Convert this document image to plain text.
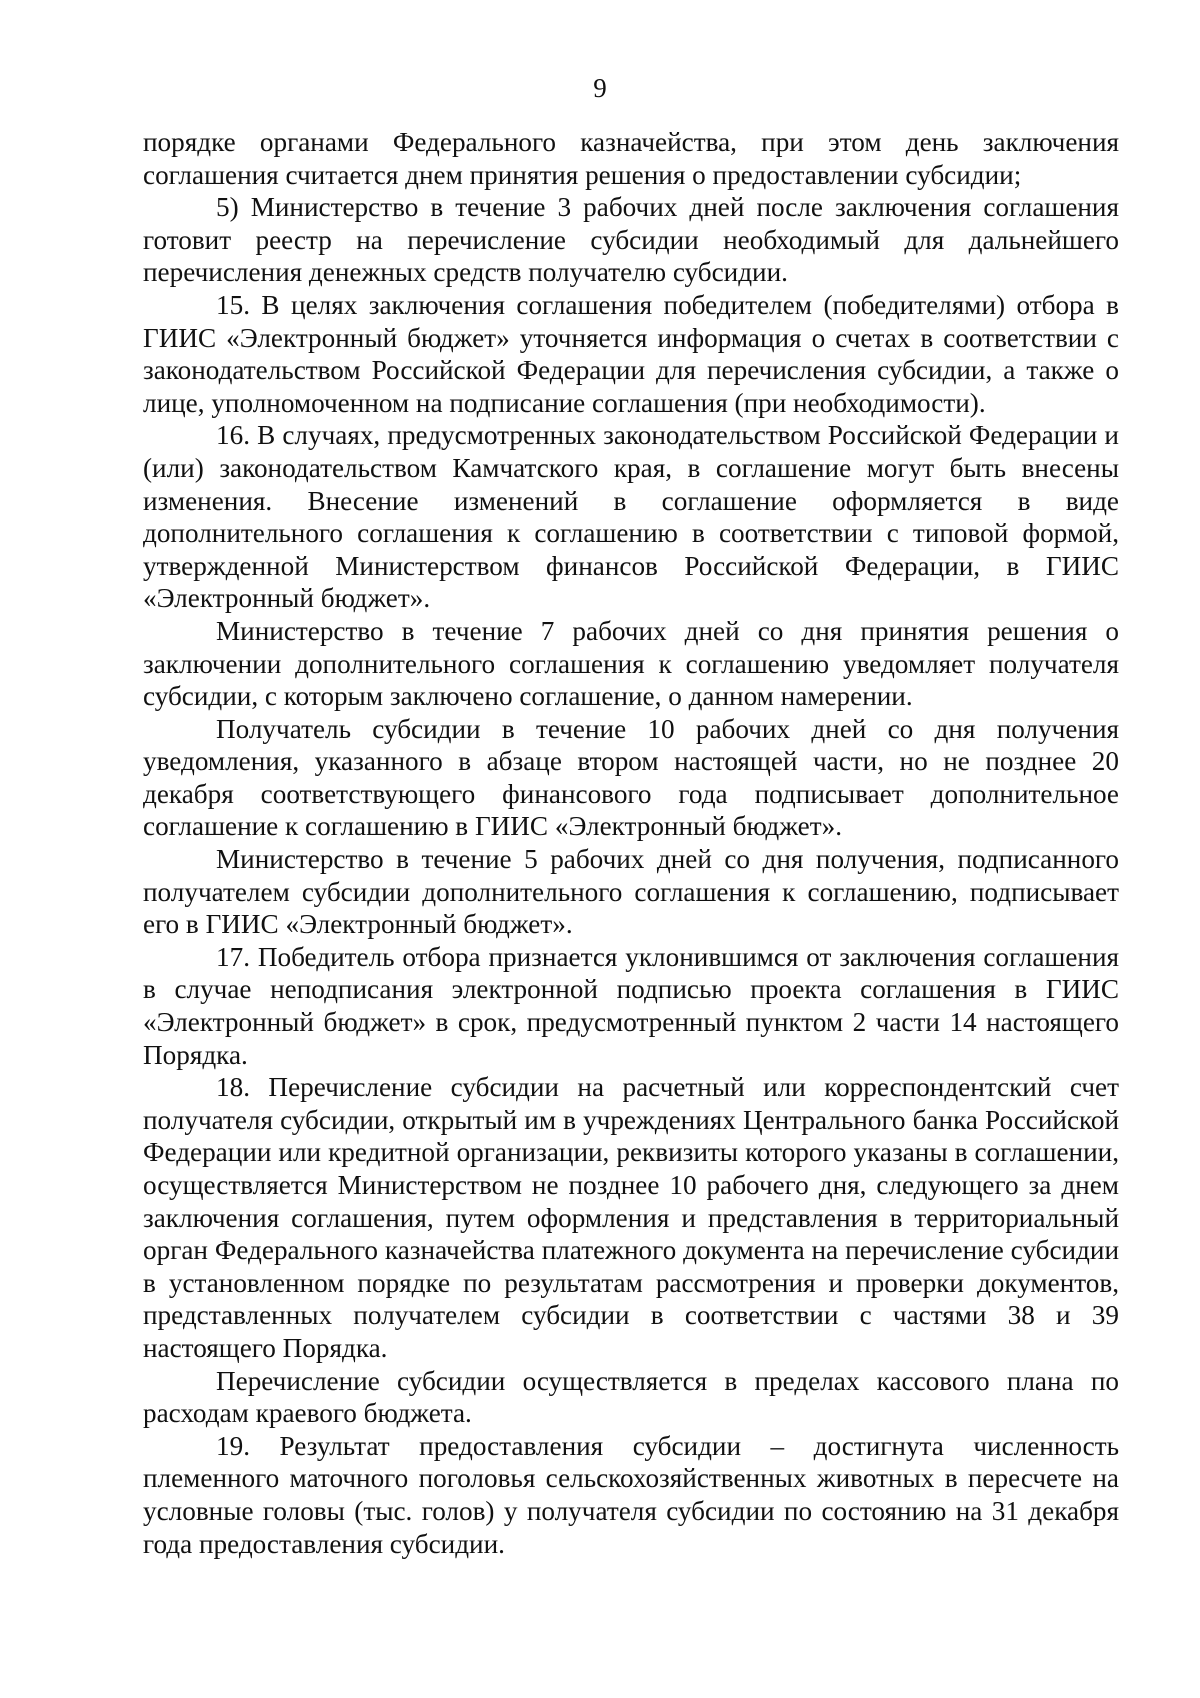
9

порядке органами Федерального казначейства, при этом день заключения соглашения считается днем принятия решения о предоставлении субсидии;

5) Министерство в течение 3 рабочих дней после заключения соглашения готовит реестр на перечисление субсидии необходимый для дальнейшего перечисления денежных средств получателю субсидии.

15. В целях заключения соглашения победителем (победителями) отбора в ГИИС «Электронный бюджет» уточняется информация о счетах в соответствии с законодательством Российской Федерации для перечисления субсидии, а также о лице, уполномоченном на подписание соглашения (при необходимости).

16. В случаях, предусмотренных законодательством Российской Федерации и (или) законодательством Камчатского края, в соглашение могут быть внесены изменения. Внесение изменений в соглашение оформляется в виде дополнительного соглашения к соглашению в соответствии с типовой формой, утвержденной Министерством финансов Российской Федерации, в ГИИС «Электронный бюджет».

Министерство в течение 7 рабочих дней со дня принятия решения о заключении дополнительного соглашения к соглашению уведомляет получателя субсидии, с которым заключено соглашение, о данном намерении.

Получатель субсидии в течение 10 рабочих дней со дня получения уведомления, указанного в абзаце втором настоящей части, но не позднее 20 декабря соответствующего финансового года подписывает дополнительное соглашение к соглашению в ГИИС «Электронный бюджет».

Министерство в течение 5 рабочих дней со дня получения, подписанного получателем субсидии дополнительного соглашения к соглашению, подписывает его в ГИИС «Электронный бюджет».

17. Победитель отбора признается уклонившимся от заключения соглашения в случае неподписания электронной подписью проекта соглашения в ГИИС «Электронный бюджет» в срок, предусмотренный пунктом 2 части 14 настоящего Порядка.

18. Перечисление субсидии на расчетный или корреспондентский счет получателя субсидии, открытый им в учреждениях Центрального банка Российской Федерации или кредитной организации, реквизиты которого указаны в соглашении, осуществляется Министерством не позднее 10 рабочего дня, следующего за днем заключения соглашения, путем оформления и представления в территориальный орган Федерального казначейства платежного документа на перечисление субсидии в установленном порядке по результатам рассмотрения и проверки документов, представленных получателем субсидии в соответствии с частями 38 и 39 настоящего Порядка.

Перечисление субсидии осуществляется в пределах кассового плана по расходам краевого бюджета.

19. Результат предоставления субсидии – достигнута численность племенного маточного поголовья сельскохозяйственных животных в пересчете на условные головы (тыс. голов) у получателя субсидии по состоянию на 31 декабря года предоставления субсидии.
